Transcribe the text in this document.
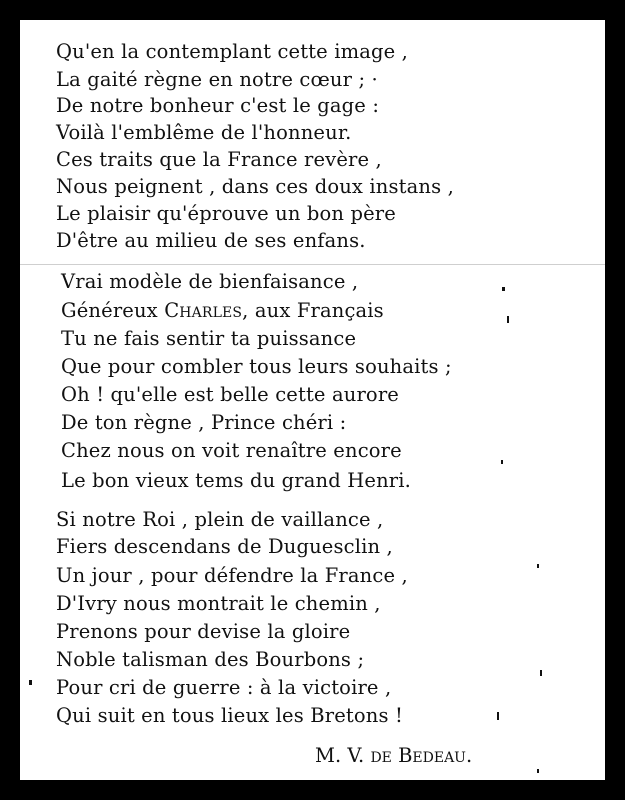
Qu'en la contemplant cette image ,
La gaité règne en notre cœur ; ·
De notre bonheur c'est le gage :
Voilà l'emblême de l'honneur.
Ces traits que la France revère ,
Nous peignent , dans ces doux instans ,
Le plaisir qu'éprouve un bon père
D'être au milieu de ses enfans.
Vrai modèle de bienfaisance ,
Généreux Charles, aux Français
Tu ne fais sentir ta puissance
Que pour combler tous leurs souhaits ;
Oh ! qu'elle est belle cette aurore
De ton règne , Prince chéri :
Chez nous on voit renaître encore
Le bon vieux tems du grand Henri.
Si notre Roi , plein de vaillance ,
Fiers descendans de Duguesclin ,
Un jour , pour défendre la France ,
D'Ivry nous montrait le chemin ,
Prenons pour devise la gloire
Noble talisman des Bourbons ;
Pour cri de guerre : à la victoire ,
Qui suit en tous lieux les Bretons !
M. V. de Bedeau.
